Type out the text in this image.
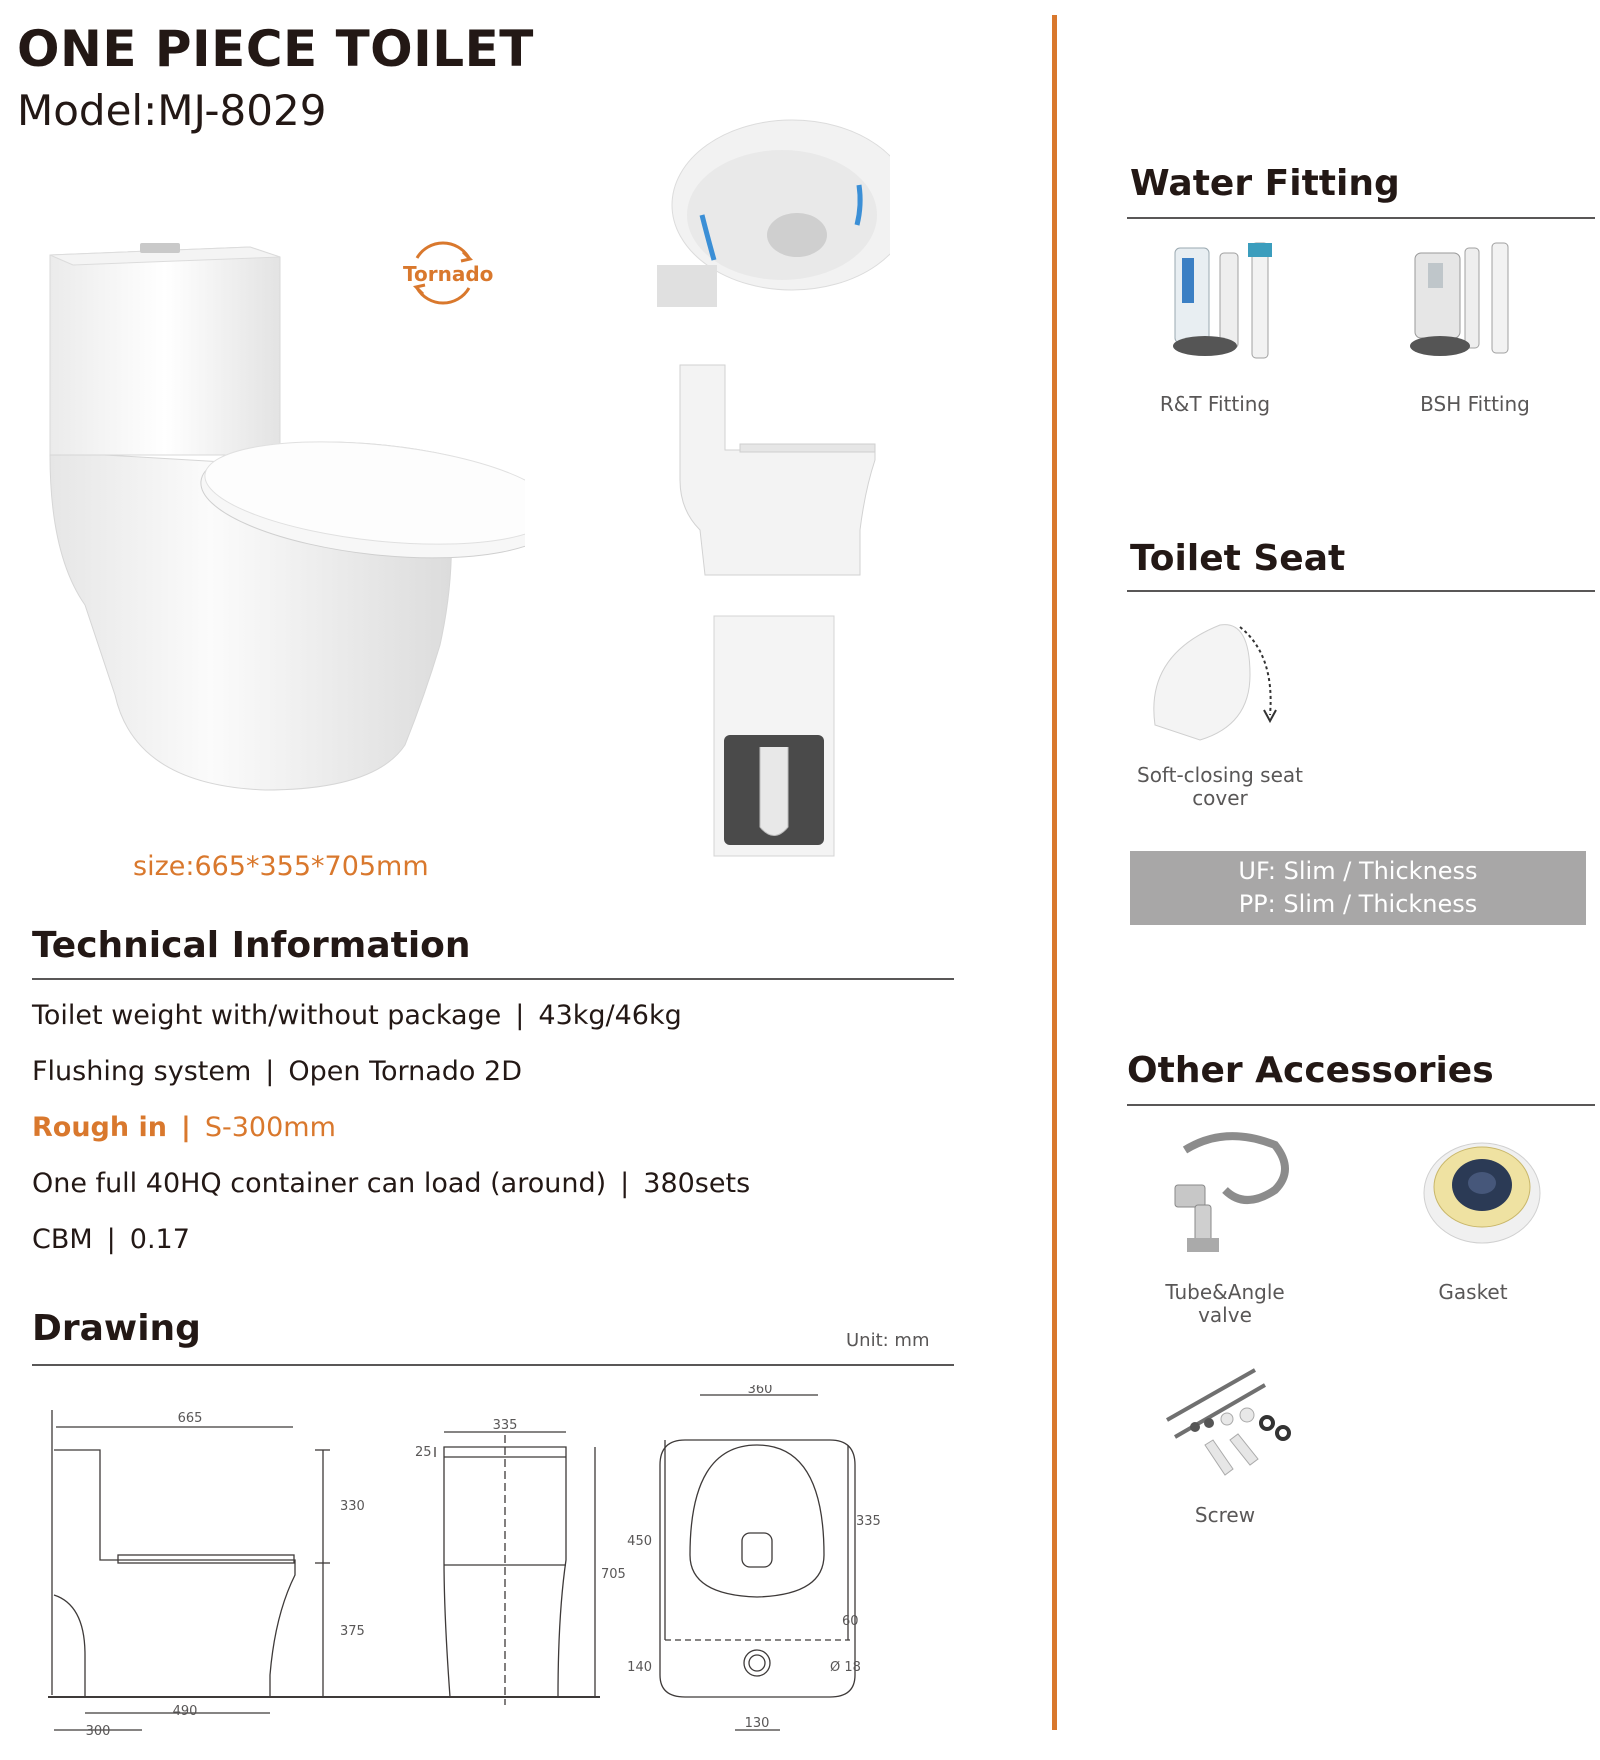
ONE PIECE TOILET
Model:MJ-8029
Tornado
size:665*355*705mm
Technical Information
Toilet weight with/without package | 43kg/46kg
Flushing system | Open Tornado 2D
Rough in | S-300mm
One full 40HQ container can load (around) | 380sets
CBM | 0.17
Drawing	Unit: mm
665
330
375
490
300
335
25
705
360
450
335
60
140	Ø 18
130
Water Fitting
R&T Fitting	BSH Fitting
Toilet Seat
Soft-closing seat
cover
UF: Slim / Thickness
PP: Slim / Thickness
Other Accessories
Tube&Angle
valve
Gasket
Screw
